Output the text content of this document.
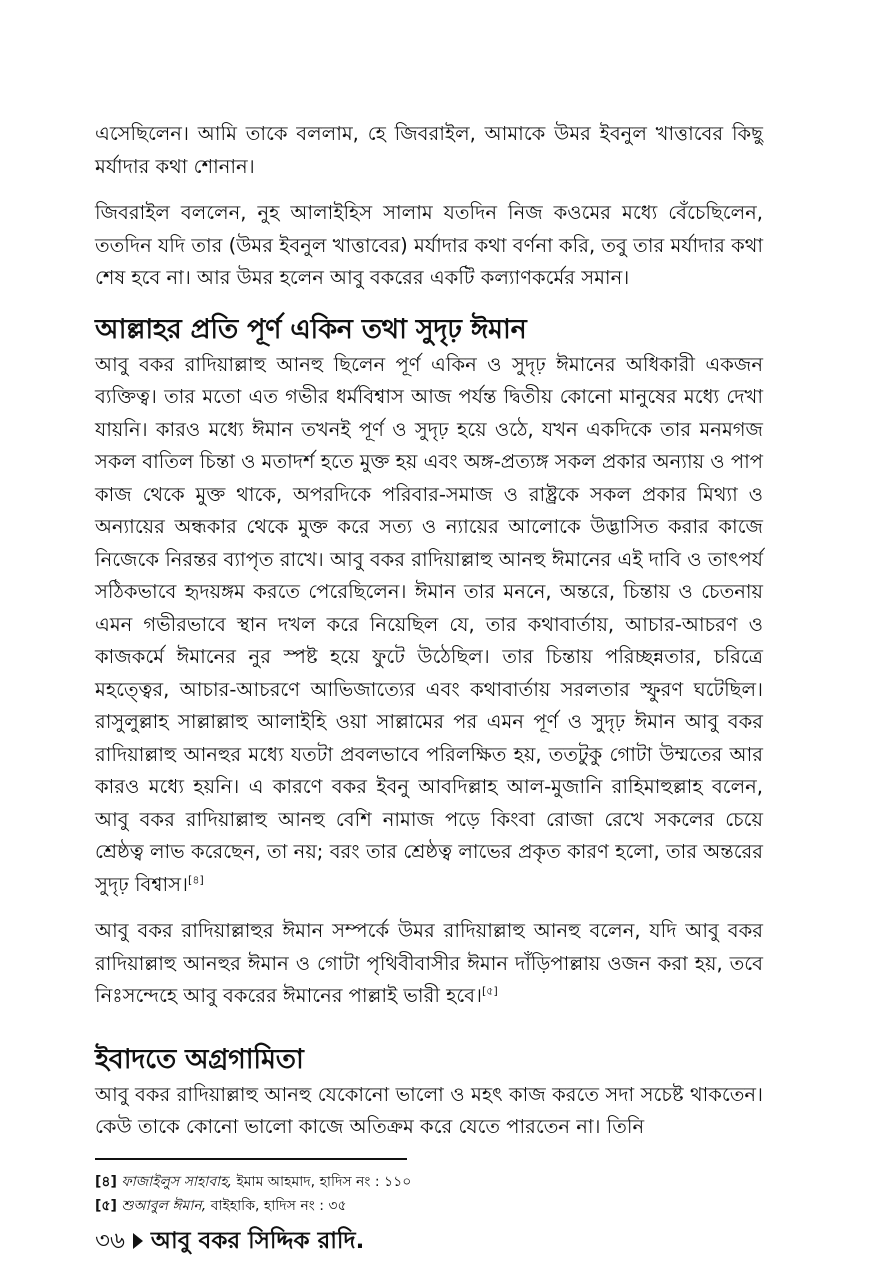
এসেছিলেন। আমি তাকে বললাম, হে জিবরাইল, আমাকে উমর ইবনুল খাত্তাবের কিছু মর্যাদার কথা শোনান।

জিবরাইল বললেন, নুহ আলাইহিস সালাম যতদিন নিজ কওমের মধ্যে বেঁচেছিলেন, ততদিন যদি তার (উমর ইবনুল খাত্তাবের) মর্যাদার কথা বর্ণনা করি, তবু তার মর্যাদার কথা শেষ হবে না। আর উমর হলেন আবু বকরের একটি কল্যাণকর্মের সমান।

আল্লাহর প্রতি পূর্ণ একিন তথা সুদৃঢ় ঈমান

আবু বকর রাদিয়াল্লাহু আনহু ছিলেন পূর্ণ একিন ও সুদৃঢ় ঈমানের অধিকারী একজন ব্যক্তিত্ব। তার মতো এত গভীর ধর্মবিশ্বাস আজ পর্যন্ত দ্বিতীয় কোনো মানুষের মধ্যে দেখা যায়নি। কারও মধ্যে ঈমান তখনই পূর্ণ ও সুদৃঢ় হয়ে ওঠে, যখন একদিকে তার মনমগজ সকল বাতিল চিন্তা ও মতাদর্শ হতে মুক্ত হয় এবং অঙ্গ-প্রত্যঙ্গ সকল প্রকার অন্যায় ও পাপ কাজ থেকে মুক্ত থাকে, অপরদিকে পরিবার-সমাজ ও রাষ্ট্রকে সকল প্রকার মিথ্যা ও অন্যায়ের অন্ধকার থেকে মুক্ত করে সত্য ও ন্যায়ের আলোকে উদ্ভাসিত করার কাজে নিজেকে নিরন্তর ব্যাপৃত রাখে। আবু বকর রাদিয়াল্লাহু আনহু ঈমানের এই দাবি ও তাৎপর্য সঠিকভাবে হৃদয়ঙ্গম করতে পেরেছিলেন। ঈমান তার মননে, অন্তরে, চিন্তায় ও চেতনায় এমন গভীরভাবে স্থান দখল করে নিয়েছিল যে, তার কথাবার্তায়, আচার-আচরণ ও কাজকর্মে ঈমানের নুর স্পষ্ট হয়ে ফুটে উঠেছিল। তার চিন্তায় পরিচ্ছন্নতার, চরিত্রে মহত্ত্বের, আচার-আচরণে আভিজাত্যের এবং কথাবার্তায় সরলতার স্ফুরণ ঘটেছিল। রাসুলুল্লাহ সাল্লাল্লাহু আলাইহি ওয়া সাল্লামের পর এমন পূর্ণ ও সুদৃঢ় ঈমান আবু বকর রাদিয়াল্লাহু আনহুর মধ্যে যতটা প্রবলভাবে পরিলক্ষিত হয়, ততটুকু গোটা উম্মতের আর কারও মধ্যে হয়নি। এ কারণে বকর ইবনু আবদিল্লাহ আল-মুজানি রাহিমাহুল্লাহ বলেন, আবু বকর রাদিয়াল্লাহু আনহু বেশি নামাজ পড়ে কিংবা রোজা রেখে সকলের চেয়ে শ্রেষ্ঠত্ব লাভ করেছেন, তা নয়; বরং তার শ্রেষ্ঠত্ব লাভের প্রকৃত কারণ হলো, তার অন্তরের সুদৃঢ় বিশ্বাস।[৪]

আবু বকর রাদিয়াল্লাহুর ঈমান সম্পর্কে উমর রাদিয়াল্লাহু আনহু বলেন, যদি আবু বকর রাদিয়াল্লাহু আনহুর ঈমান ও গোটা পৃথিবীবাসীর ঈমান দাঁড়িপাল্লায় ওজন করা হয়, তবে নিঃসন্দেহে আবু বকরের ঈমানের পাল্লাই ভারী হবে।[৫]

ইবাদতে অগ্রগামিতা

আবু বকর রাদিয়াল্লাহু আনহু যেকোনো ভালো ও মহৎ কাজ করতে সদা সচেষ্ট থাকতেন। কেউ তাকে কোনো ভালো কাজে অতিক্রম করে যেতে পারতেন না। তিনি

[৪] ফাজাইলুস সাহাবাহ, ইমাম আহমাদ, হাদিস নং : ১১০
[৫] শুআবুল ঈমান, বাইহাকি, হাদিস নং : ৩৫
৩৬ আবু বকর সিদ্দিক রাদি.
